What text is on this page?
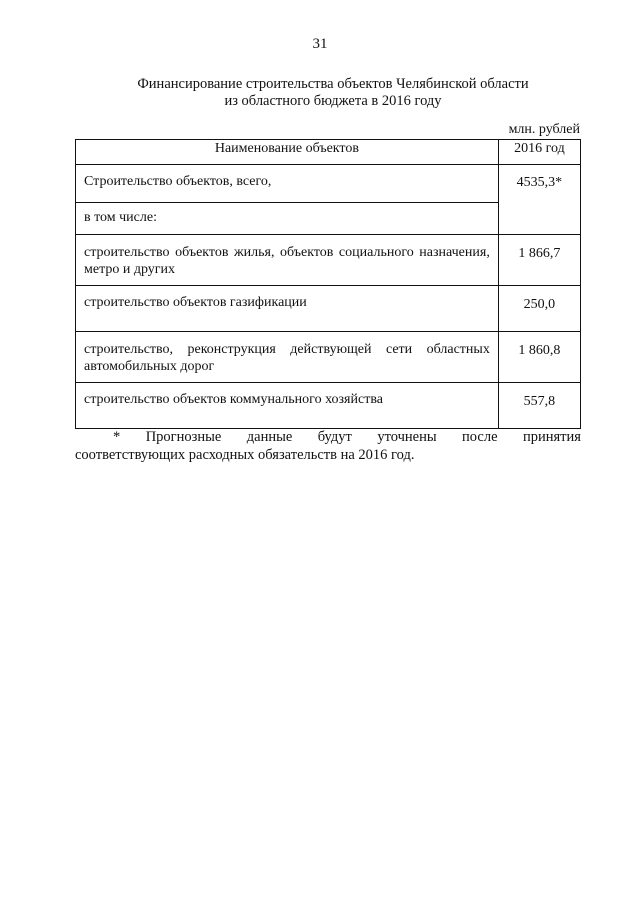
31
Финансирование строительства объектов Челябинской области
из областного бюджета в 2016 году
млн. рублей
Наименование объектов	2016 год
Строительство объектов, всего,	4535,3*
в том числе:	
строительство объектов жилья, объектов социального назначения, метро и других	1 866,7
строительство объектов газификации	250,0
строительство, реконструкция действующей сети областных автомобильных дорог	1 860,8
строительство объектов коммунального хозяйства	557,8
* Прогнозные данные будут уточнены после принятия
соответствующих расходных обязательств на 2016 год.
